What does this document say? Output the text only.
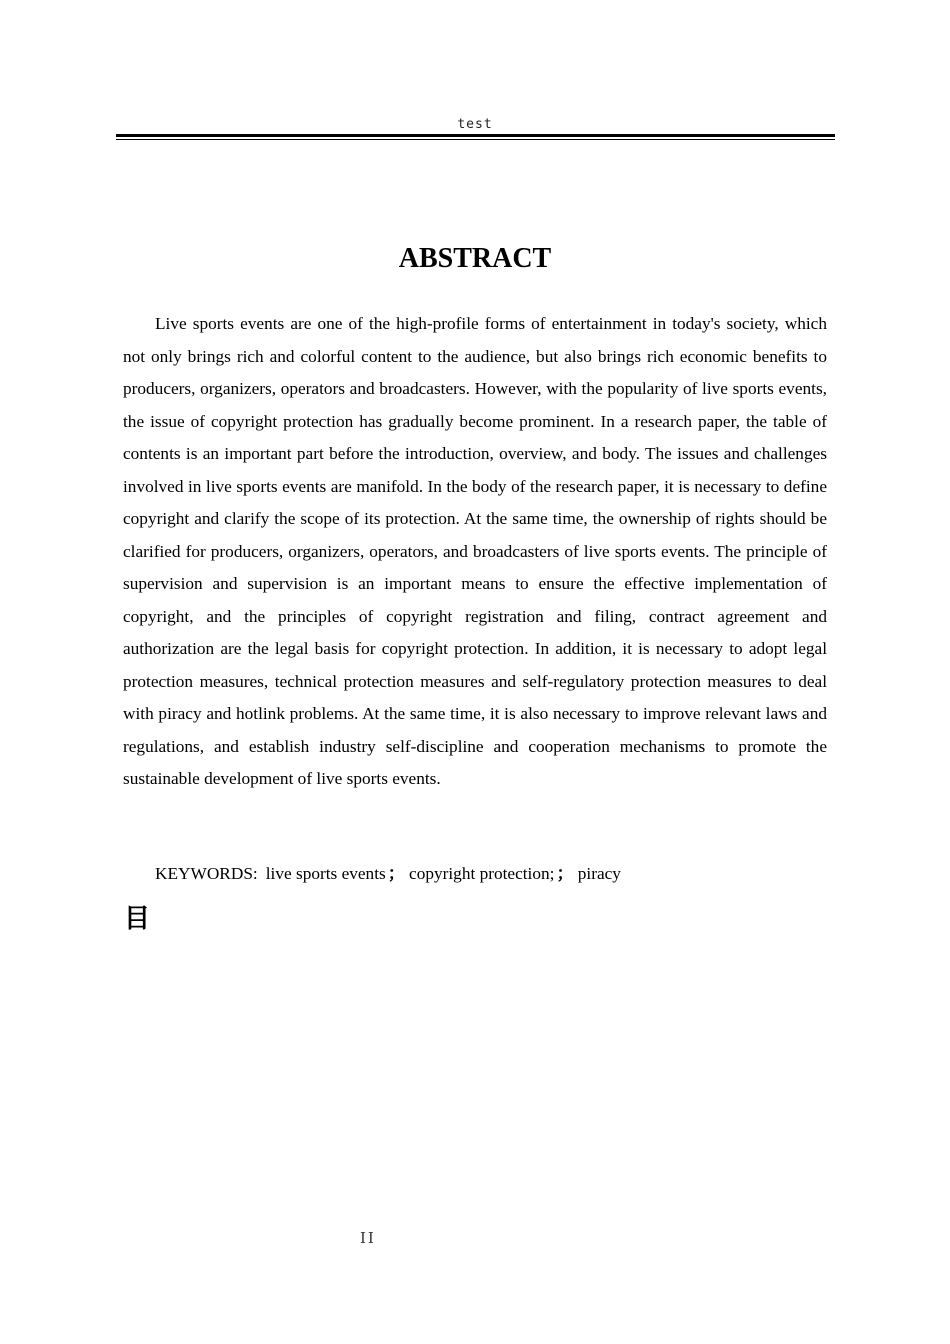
test
ABSTRACT

Live sports events are one of the high-profile forms of entertainment in today's society, which not only brings rich and colorful content to the audience, but also brings rich economic benefits to producers, organizers, operators and broadcasters. However, with the popularity of live sports events, the issue of copyright protection has gradually become prominent. In a research paper, the table of contents is an important part before the introduction, overview, and body. The issues and challenges involved in live sports events are manifold. In the body of the research paper, it is necessary to define copyright and clarify the scope of its protection. At the same time, the ownership of rights should be clarified for producers, organizers, operators, and broadcasters of live sports events. The principle of supervision and supervision is an important means to ensure the effective implementation of copyright, and the principles of copyright registration and filing, contract agreement and authorization are the legal basis for copyright protection. In addition, it is necessary to adopt legal protection measures, technical protection measures and self-regulatory protection measures to deal with piracy and hotlink problems. At the same time, it is also necessary to improve relevant laws and regulations, and establish industry self-discipline and cooperation mechanisms to promote the sustainable development of live sports events.

KEYWORDS: live sports events ； copyright protection; ； piracy

目
II
